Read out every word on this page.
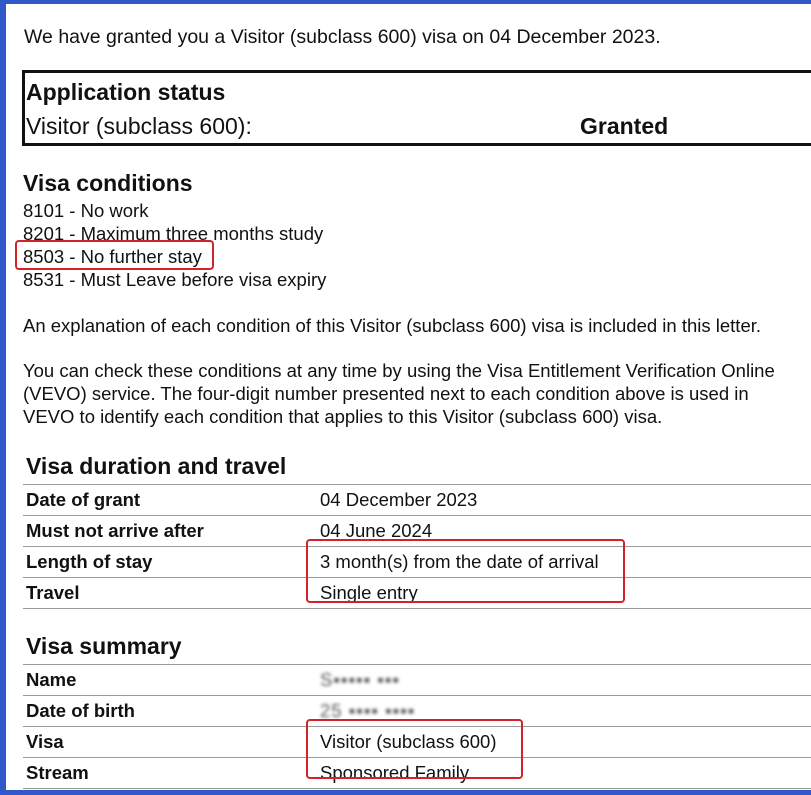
We have granted you a Visitor (subclass 600) visa on 04 December 2023.
Application status
Visitor (subclass 600):	Granted
Visa conditions
8101 - No work
8201 - Maximum three months study
8503 - No further stay
8531 - Must Leave before visa expiry
An explanation of each condition of this Visitor (subclass 600) visa is included in this letter.
You can check these conditions at any time by using the Visa Entitlement Verification Online
(VEVO) service. The four-digit number presented next to each condition above is used in
VEVO to identify each condition that applies to this Visitor (subclass 600) visa.
Visa duration and travel
Date of grant	04 December 2023
Must not arrive after	04 June 2024
Length of stay	3 month(s) from the date of arrival
Travel	Single entry
Visa summary
Name	S▪▪▪▪▪ ▪▪▪
Date of birth	25 ▪▪▪▪ ▪▪▪▪
Visa	Visitor (subclass 600)
Stream	Sponsored Family
